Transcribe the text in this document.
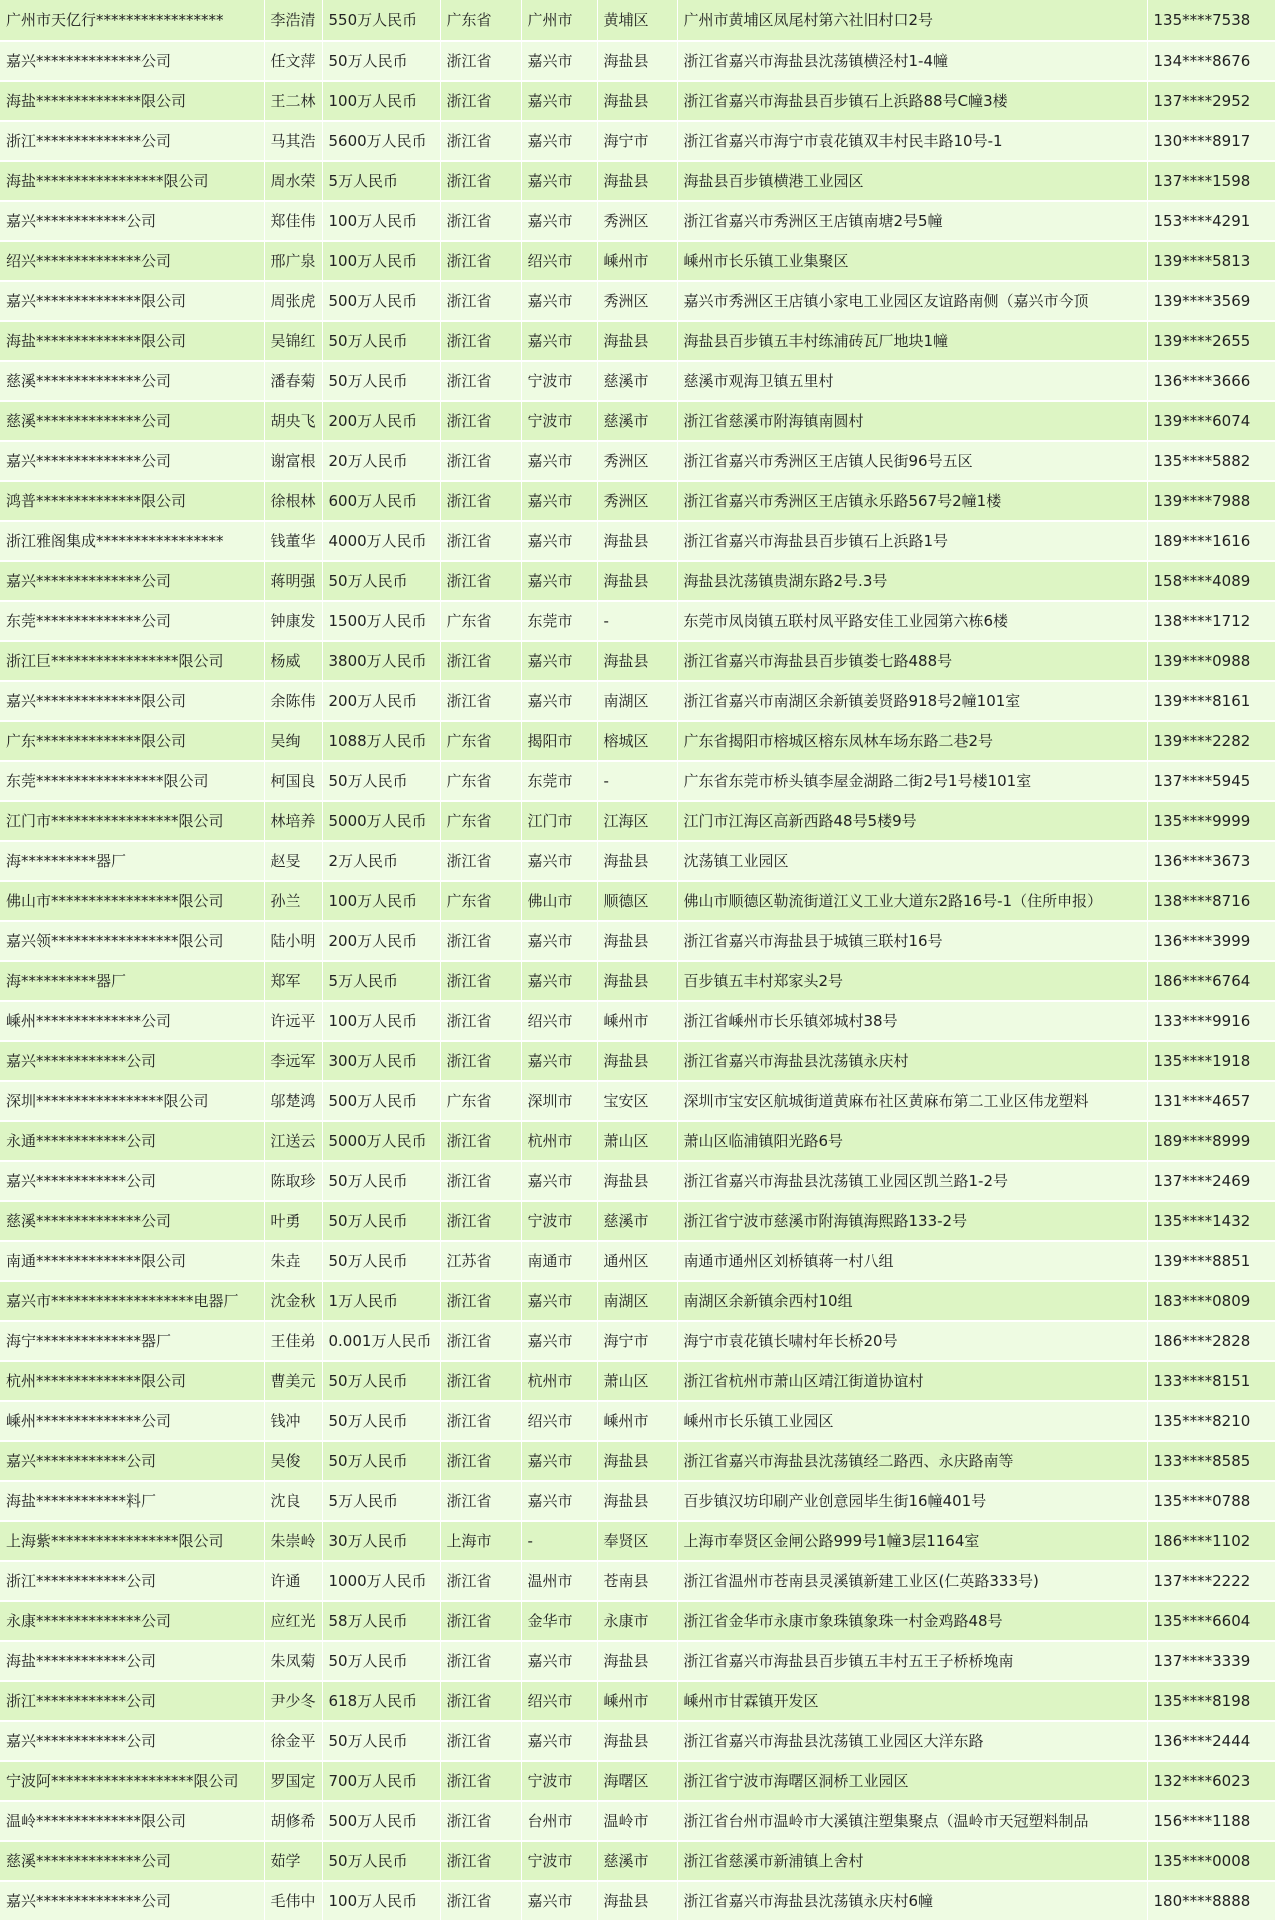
广州市天亿行*****************	李浩清	550万人民币	广东省	广州市	黄埔区	广州市黄埔区凤尾村第六社旧村口2号	135****7538
嘉兴**************公司	任文萍	50万人民币	浙江省	嘉兴市	海盐县	浙江省嘉兴市海盐县沈荡镇横泾村1-4幢	134****8676
海盐**************限公司	王二林	100万人民币	浙江省	嘉兴市	海盐县	浙江省嘉兴市海盐县百步镇石上浜路88号C幢3楼	137****2952
浙江**************公司	马其浩	5600万人民币	浙江省	嘉兴市	海宁市	浙江省嘉兴市海宁市袁花镇双丰村民丰路10号-1	130****8917
海盐*****************限公司	周水荣	5万人民币	浙江省	嘉兴市	海盐县	海盐县百步镇横港工业园区	137****1598
嘉兴************公司	郑佳伟	100万人民币	浙江省	嘉兴市	秀洲区	浙江省嘉兴市秀洲区王店镇南塘2号5幢	153****4291
绍兴**************公司	邢广泉	100万人民币	浙江省	绍兴市	嵊州市	嵊州市长乐镇工业集聚区	139****5813
嘉兴**************限公司	周张虎	500万人民币	浙江省	嘉兴市	秀洲区	嘉兴市秀洲区王店镇小家电工业园区友谊路南侧（嘉兴市今顶	139****3569
海盐**************限公司	吴锦红	50万人民币	浙江省	嘉兴市	海盐县	海盐县百步镇五丰村练浦砖瓦厂地块1幢	139****2655
慈溪**************公司	潘春菊	50万人民币	浙江省	宁波市	慈溪市	慈溪市观海卫镇五里村	136****3666
慈溪**************公司	胡央飞	200万人民币	浙江省	宁波市	慈溪市	浙江省慈溪市附海镇南圆村	139****6074
嘉兴**************公司	谢富根	20万人民币	浙江省	嘉兴市	秀洲区	浙江省嘉兴市秀洲区王店镇人民街96号五区	135****5882
鸿普**************限公司	徐根林	600万人民币	浙江省	嘉兴市	秀洲区	浙江省嘉兴市秀洲区王店镇永乐路567号2幢1楼	139****7988
浙江雅阁集成*****************	钱董华	4000万人民币	浙江省	嘉兴市	海盐县	浙江省嘉兴市海盐县百步镇石上浜路1号	189****1616
嘉兴**************公司	蒋明强	50万人民币	浙江省	嘉兴市	海盐县	海盐县沈荡镇贵湖东路2号.3号	158****4089
东莞**************公司	钟康发	1500万人民币	广东省	东莞市	-	东莞市凤岗镇五联村凤平路安佳工业园第六栋6楼	138****1712
浙江巨*****************限公司	杨威	3800万人民币	浙江省	嘉兴市	海盐县	浙江省嘉兴市海盐县百步镇娄七路488号	139****0988
嘉兴**************限公司	余陈伟	200万人民币	浙江省	嘉兴市	南湖区	浙江省嘉兴市南湖区余新镇姜贤路918号2幢101室	139****8161
广东**************限公司	吴绚	1088万人民币	广东省	揭阳市	榕城区	广东省揭阳市榕城区榕东凤林车场东路二巷2号	139****2282
东莞*****************限公司	柯国良	50万人民币	广东省	东莞市	-	广东省东莞市桥头镇李屋金湖路二街2号1号楼101室	137****5945
江门市*****************限公司	林培养	5000万人民币	广东省	江门市	江海区	江门市江海区高新西路48号5楼9号	135****9999
海**********器厂	赵旻	2万人民币	浙江省	嘉兴市	海盐县	沈荡镇工业园区	136****3673
佛山市*****************限公司	孙兰	100万人民币	广东省	佛山市	顺德区	佛山市顺德区勒流街道江义工业大道东2路16号-1（住所申报）	138****8716
嘉兴领*****************限公司	陆小明	200万人民币	浙江省	嘉兴市	海盐县	浙江省嘉兴市海盐县于城镇三联村16号	136****3999
海**********器厂	郑军	5万人民币	浙江省	嘉兴市	海盐县	百步镇五丰村郑家头2号	186****6764
嵊州**************公司	许远平	100万人民币	浙江省	绍兴市	嵊州市	浙江省嵊州市长乐镇郊城村38号	133****9916
嘉兴************公司	李远军	300万人民币	浙江省	嘉兴市	海盐县	浙江省嘉兴市海盐县沈荡镇永庆村	135****1918
深圳*****************限公司	邬楚鸿	500万人民币	广东省	深圳市	宝安区	深圳市宝安区航城街道黄麻布社区黄麻布第二工业区伟龙塑料	131****4657
永通************公司	江送云	5000万人民币	浙江省	杭州市	萧山区	萧山区临浦镇阳光路6号	189****8999
嘉兴************公司	陈取珍	50万人民币	浙江省	嘉兴市	海盐县	浙江省嘉兴市海盐县沈荡镇工业园区凯兰路1-2号	137****2469
慈溪**************公司	叶勇	50万人民币	浙江省	宁波市	慈溪市	浙江省宁波市慈溪市附海镇海熙路133-2号	135****1432
南通**************限公司	朱垚	50万人民币	江苏省	南通市	通州区	南通市通州区刘桥镇蒋一村八组	139****8851
嘉兴市*******************电器厂	沈金秋	1万人民币	浙江省	嘉兴市	南湖区	南湖区余新镇余西村10组	183****0809
海宁**************器厂	王佳弟	0.001万人民币	浙江省	嘉兴市	海宁市	海宁市袁花镇长啸村年长桥20号	186****2828
杭州**************限公司	曹美元	50万人民币	浙江省	杭州市	萧山区	浙江省杭州市萧山区靖江街道协谊村	133****8151
嵊州**************公司	钱冲	50万人民币	浙江省	绍兴市	嵊州市	嵊州市长乐镇工业园区	135****8210
嘉兴************公司	吴俊	50万人民币	浙江省	嘉兴市	海盐县	浙江省嘉兴市海盐县沈荡镇经二路西、永庆路南等	133****8585
海盐************料厂	沈良	5万人民币	浙江省	嘉兴市	海盐县	百步镇汉坊印刷产业创意园毕生街16幢401号	135****0788
上海紫*****************限公司	朱崇岭	30万人民币	上海市	-	奉贤区	上海市奉贤区金闸公路999号1幢3层1164室	186****1102
浙江************公司	许通	1000万人民币	浙江省	温州市	苍南县	浙江省温州市苍南县灵溪镇新建工业区(仁英路333号)	137****2222
永康**************公司	应红光	58万人民币	浙江省	金华市	永康市	浙江省金华市永康市象珠镇象珠一村金鸡路48号	135****6604
海盐************公司	朱凤菊	50万人民币	浙江省	嘉兴市	海盐县	浙江省嘉兴市海盐县百步镇五丰村五王子桥桥堍南	137****3339
浙江************公司	尹少冬	618万人民币	浙江省	绍兴市	嵊州市	嵊州市甘霖镇开发区	135****8198
嘉兴************公司	徐金平	50万人民币	浙江省	嘉兴市	海盐县	浙江省嘉兴市海盐县沈荡镇工业园区大洋东路	136****2444
宁波阿*******************限公司	罗国定	700万人民币	浙江省	宁波市	海曙区	浙江省宁波市海曙区洞桥工业园区	132****6023
温岭**************限公司	胡修希	500万人民币	浙江省	台州市	温岭市	浙江省台州市温岭市大溪镇注塑集聚点（温岭市天冠塑料制品	156****1188
慈溪**************公司	茹学	50万人民币	浙江省	宁波市	慈溪市	浙江省慈溪市新浦镇上舍村	135****0008
嘉兴**************公司	毛伟中	100万人民币	浙江省	嘉兴市	海盐县	浙江省嘉兴市海盐县沈荡镇永庆村6幢	180****8888
